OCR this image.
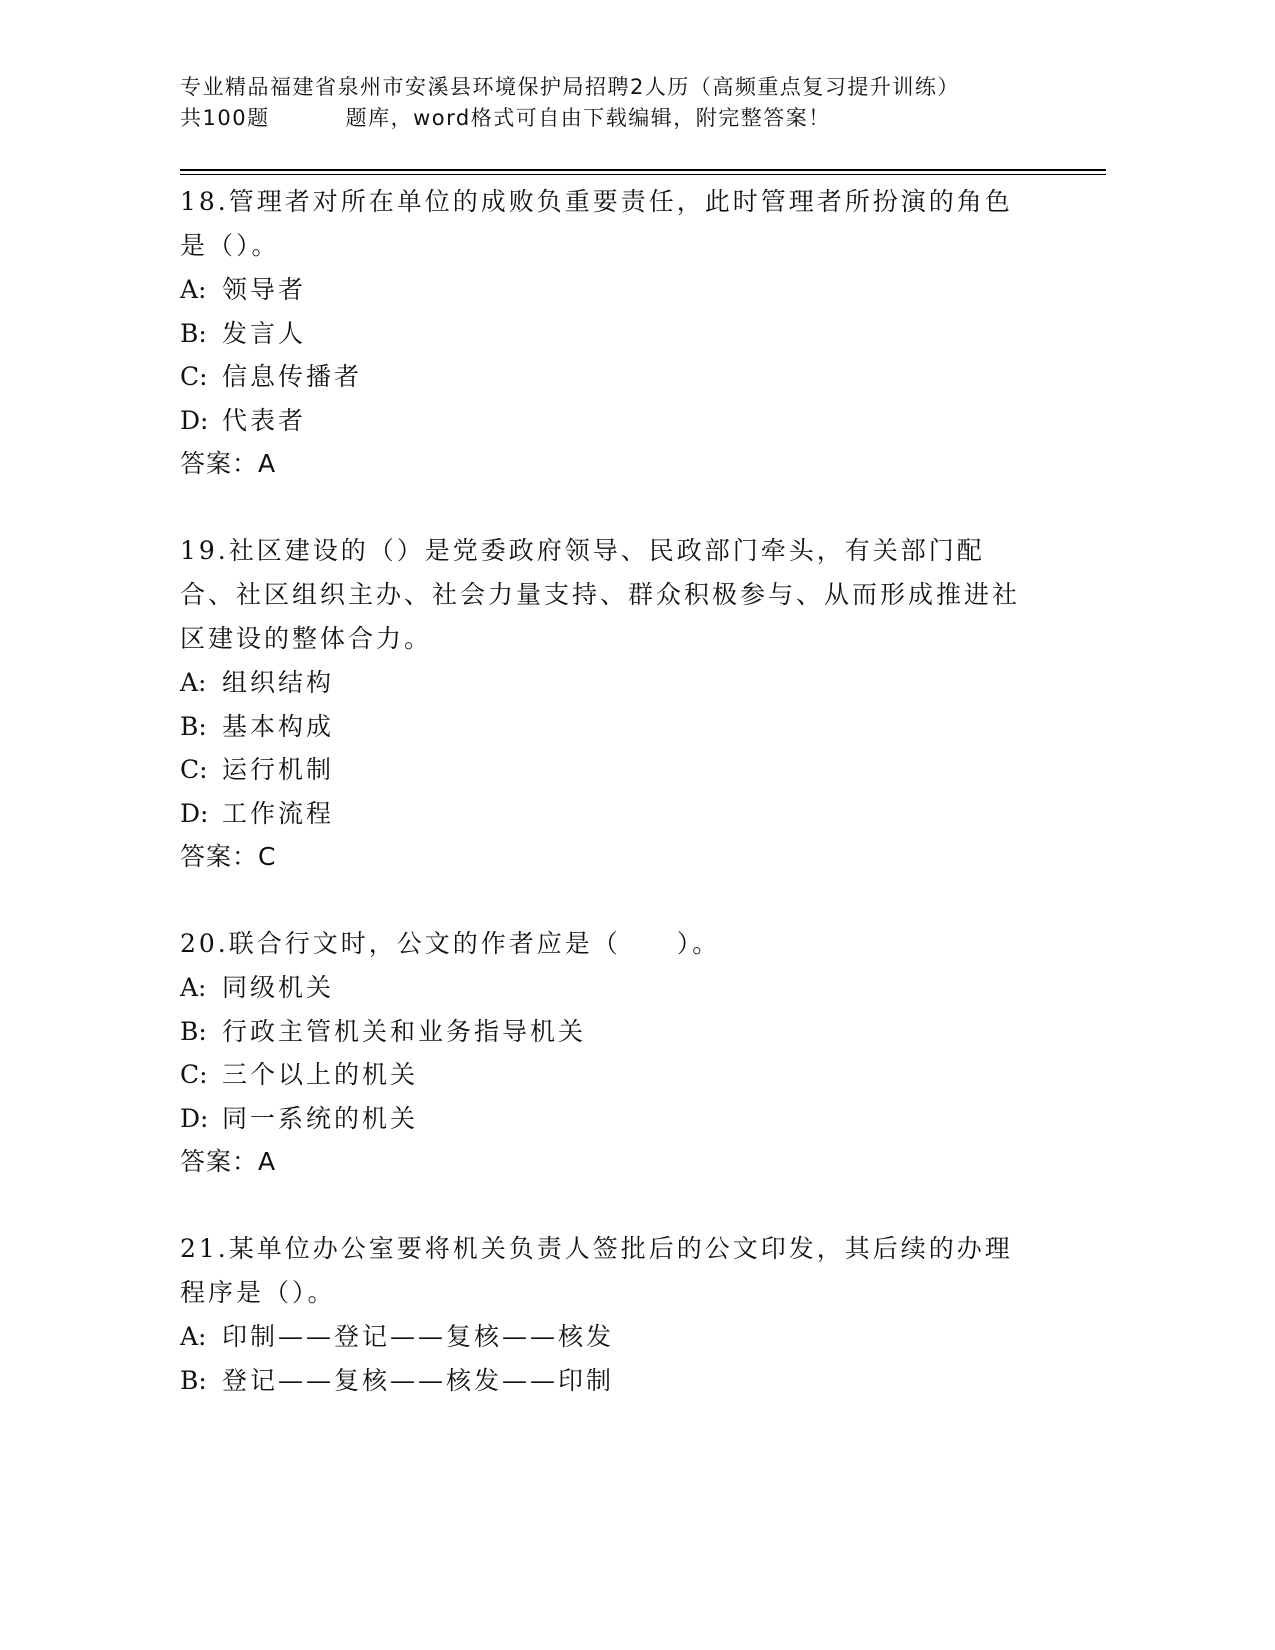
专业精品福建省泉州市安溪县环境保护局招聘2人历（高频重点复习提升训练）
共100题	题库，word格式可自由下载编辑，附完整答案！

18.管理者对所在单位的成败负重要责任，此时管理者所扮演的角色是（）。

A: 领导者

B: 发言人

C: 信息传播者

D: 代表者

答案：A

19.社区建设的（）是党委政府领导、民政部门牵头，有关部门配合、社区组织主办、社会力量支持、群众积极参与、从而形成推进社区建设的整体合力。

A: 组织结构

B: 基本构成

C: 运行机制

D: 工作流程

答案：C

20.联合行文时，公文的作者应是（　　）。

A: 同级机关

B: 行政主管机关和业务指导机关

C: 三个以上的机关

D: 同一系统的机关

答案：A

21.某单位办公室要将机关负责人签批后的公文印发，其后续的办理程序是（）。

A: 印制——登记——复核——核发

B: 登记——复核——核发——印制
